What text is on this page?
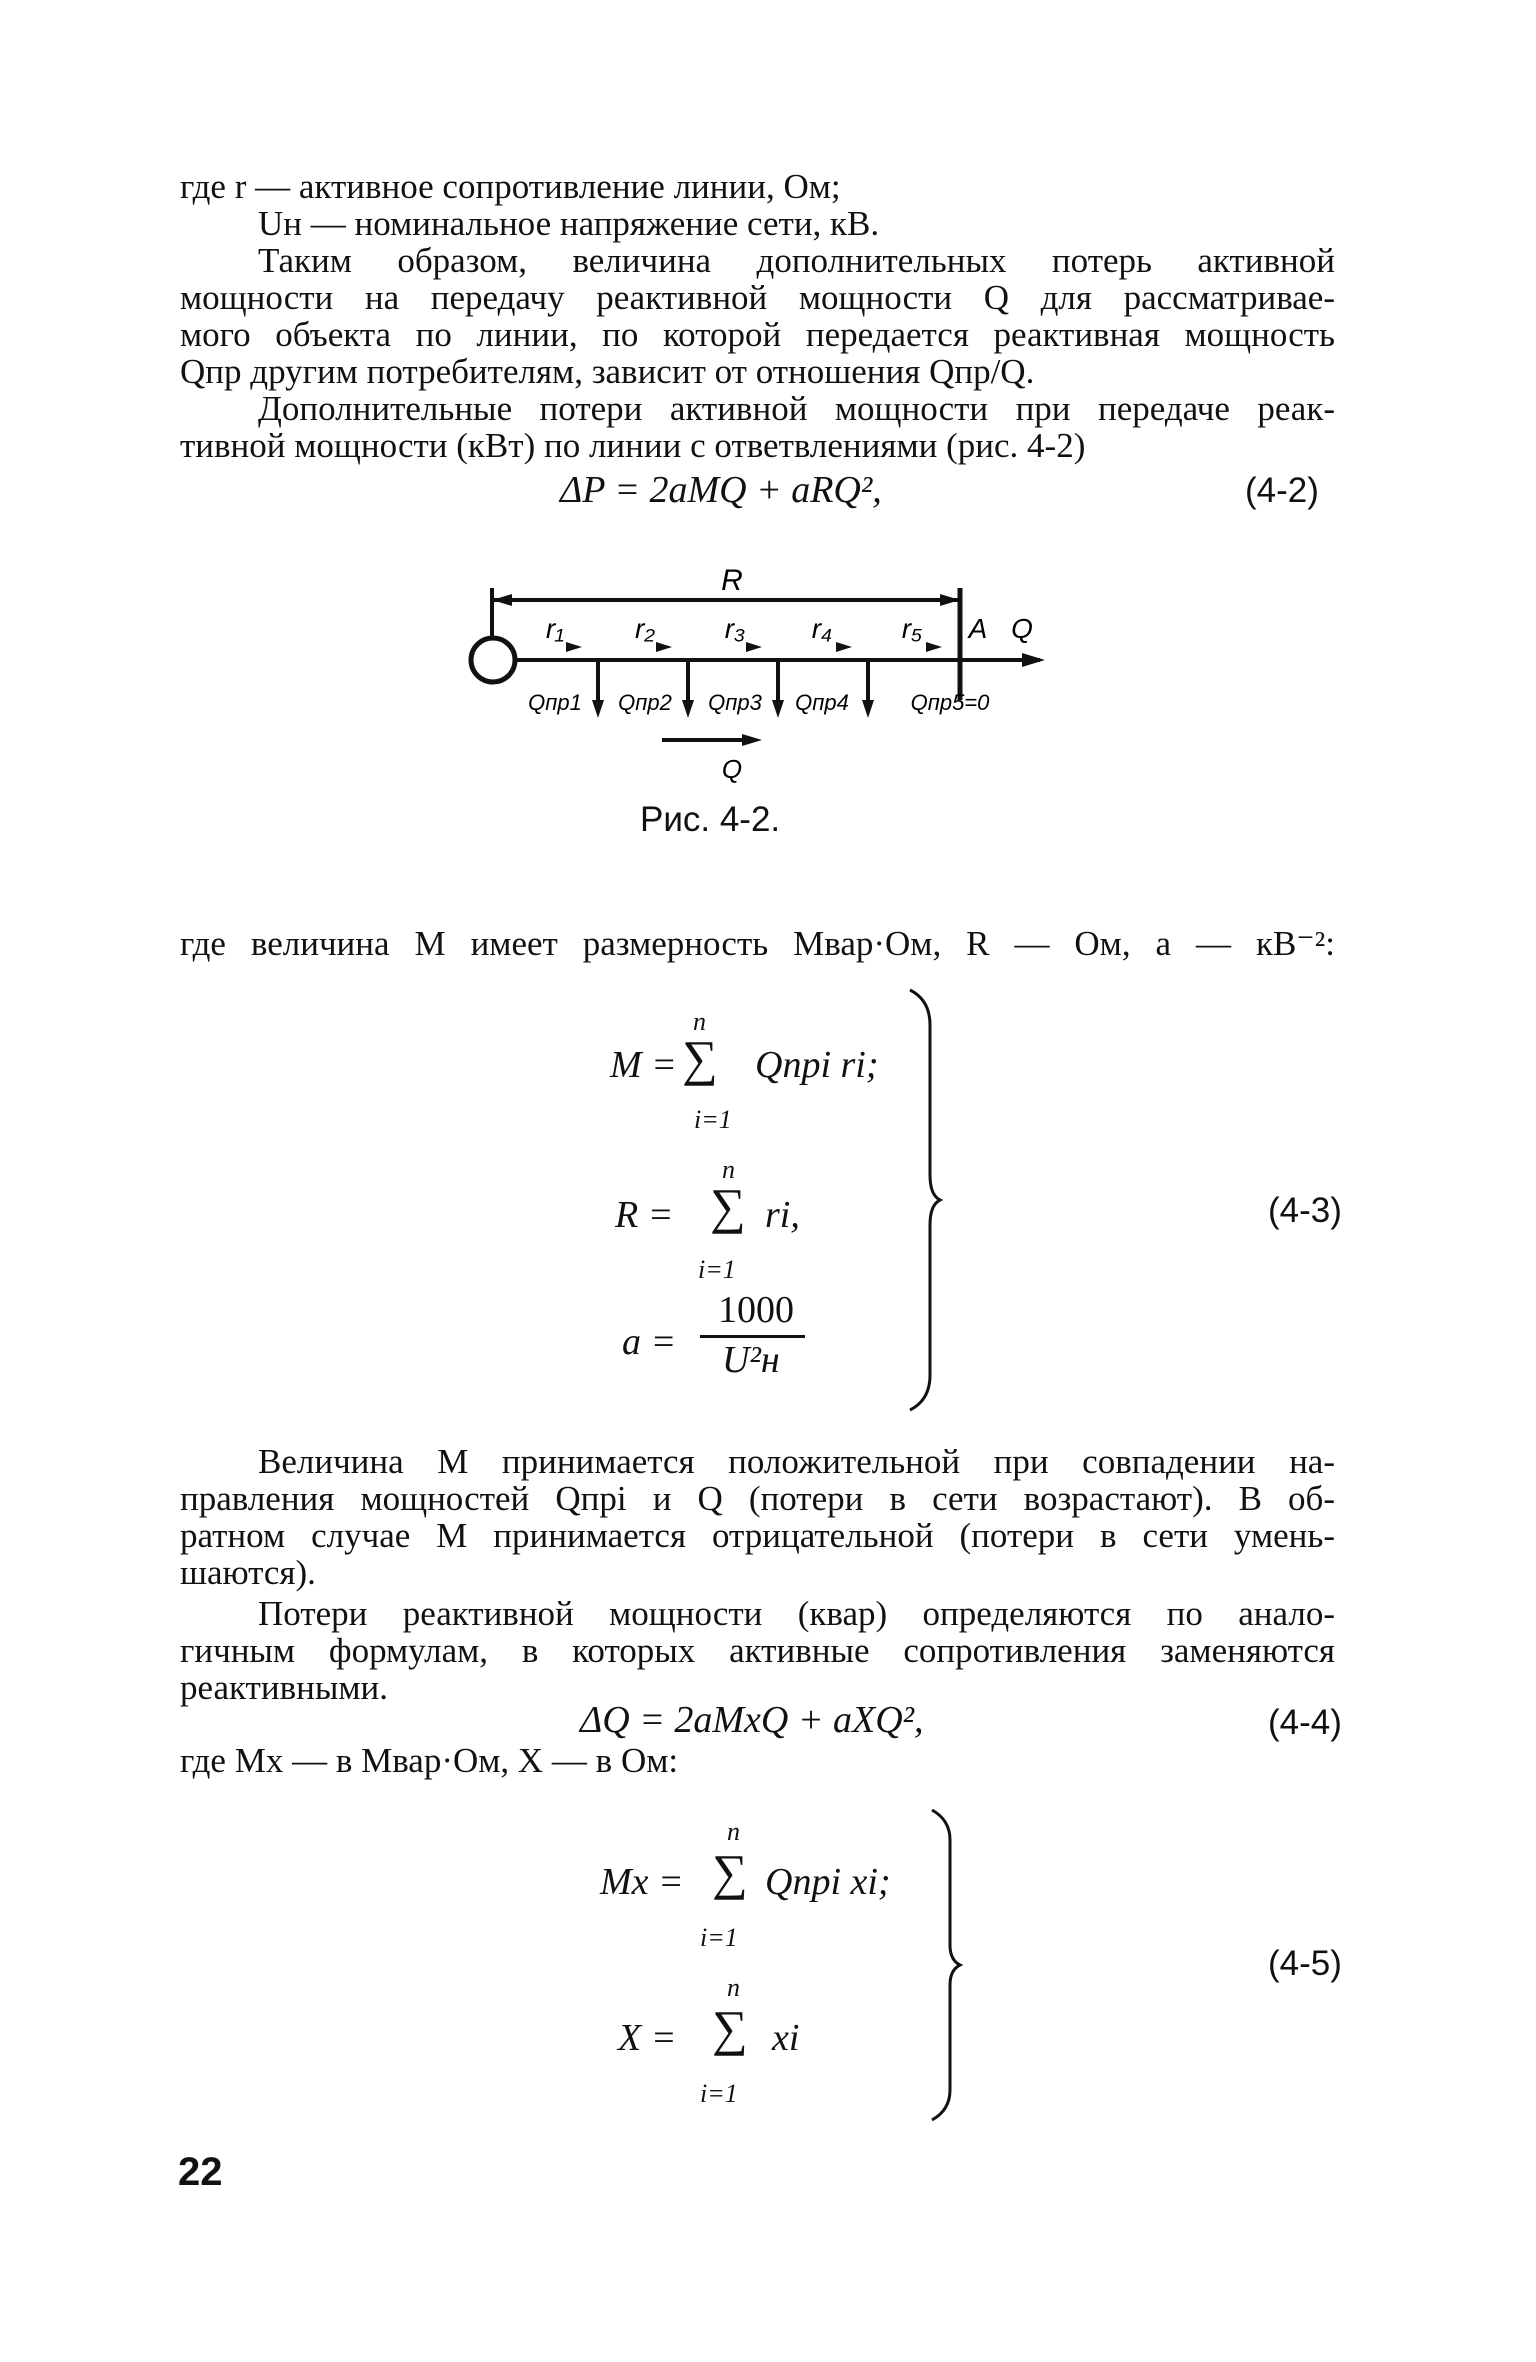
где r — активное сопротивление линии, Ом;
Uн — номинальное напряжение сети, кВ.
Таким образом, величина дополнительных потерь активной
мощности на передачу реактивной мощности Q для рассматривае-
мого объекта по линии, по которой передается реактивная мощность
Qпр другим потребителям, зависит от отношения Qпр/Q.
Дополнительные потери активной мощности при передаче реак-
тивной мощности (кВт) по линии с ответвлениями (рис. 4-2)
ΔP = 2aMQ + aRQ²,	(4-2)
R
r₁	r₂ r₃ r₄ r₅ A Q
Qпр1 Qпр2 Qпр3 Qпр4	Qпр5=0
Q
Рис. 4-2.
где величина M имеет размерность Мвар·Ом, R — Ом, a — кВ⁻²:
n
M = ∑ Qпрi ri;
i=1
n
R = ∑ ri,
i=1
a =
1000
U²н
(4-3)
Величина M принимается положительной при совпадении на-
правления мощностей Qпрi и Q (потери в сети возрастают). В об-
ратном случае M принимается отрицательной (потери в сети умень-
шаются).
Потери реактивной мощности (квар) определяются по анало-
гичным формулам, в которых активные сопротивления заменяются
реактивными.
ΔQ = 2aMxQ + aXQ²,	(4-4)
где Mx — в Мвар·Ом, X — в Ом:
n
Mx = ∑ Qпрi xi;
i=1
n
X = ∑ xi
i=1
(4-5)
22
